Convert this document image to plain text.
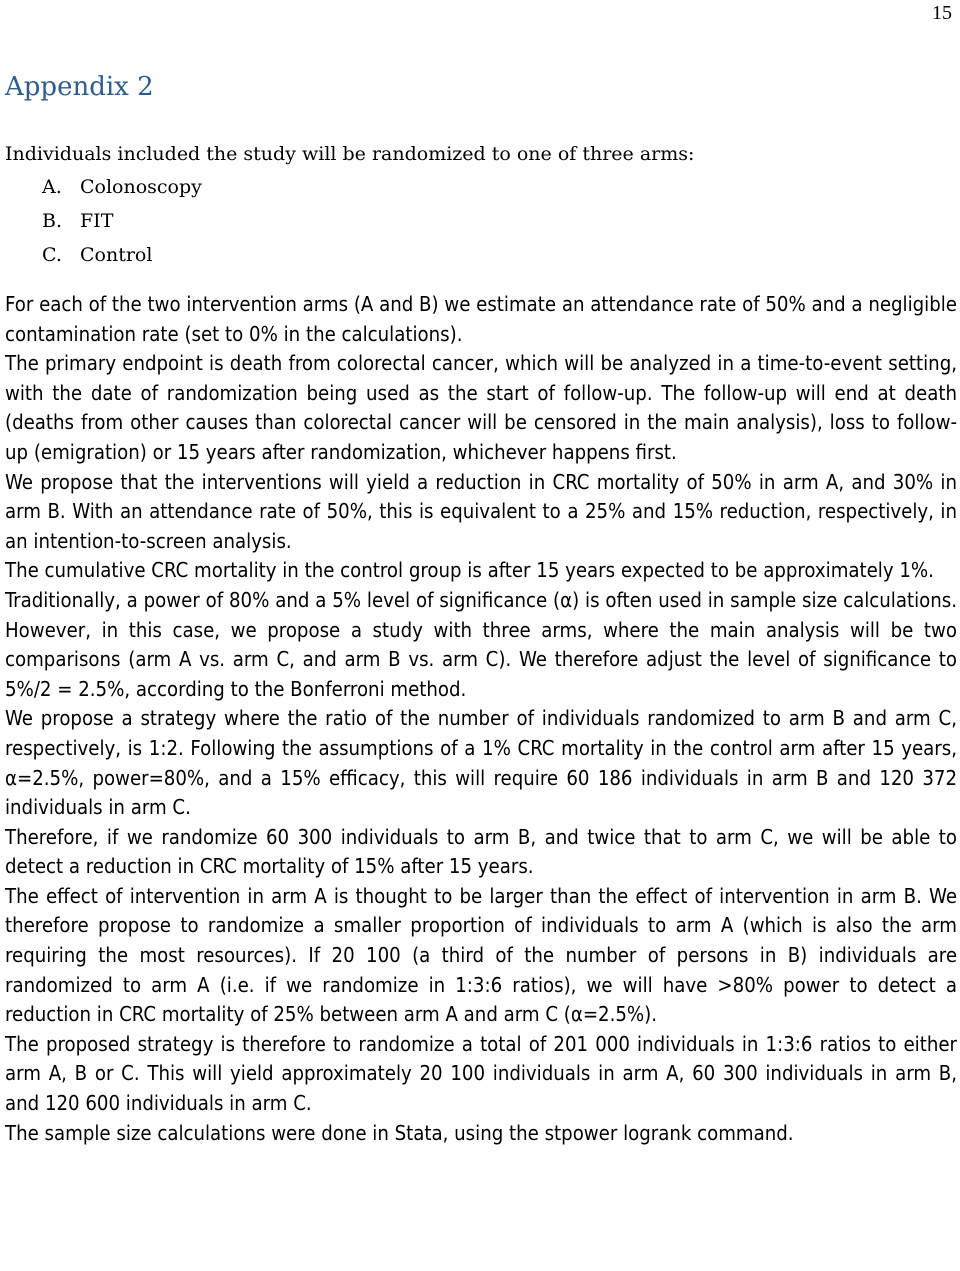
15
Appendix 2

Individuals included the study will be randomized to one of three arms:

A. Colonoscopy
B. FIT
C. Control

For each of the two intervention arms (A and B) we estimate an attendance rate of 50% and a negligible contamination rate (set to 0% in the calculations).

The primary endpoint is death from colorectal cancer, which will be analyzed in a time-to-event setting, with the date of randomization being used as the start of follow-up. The follow-up will end at death (deaths from other causes than colorectal cancer will be censored in the main analysis), loss to follow-up (emigration) or 15 years after randomization, whichever happens first.

We propose that the interventions will yield a reduction in CRC mortality of 50% in arm A, and 30% in arm B. With an attendance rate of 50%, this is equivalent to a 25% and 15% reduction, respectively, in an intention-to-screen analysis.

The cumulative CRC mortality in the control group is after 15 years expected to be approximately 1%.

Traditionally, a power of 80% and a 5% level of significance (α) is often used in sample size calculations. However, in this case, we propose a study with three arms, where the main analysis will be two comparisons (arm A vs. arm C, and arm B vs. arm C). We therefore adjust the level of significance to 5%/2 = 2.5%, according to the Bonferroni method.

We propose a strategy where the ratio of the number of individuals randomized to arm B and arm C, respectively, is 1:2. Following the assumptions of a 1% CRC mortality in the control arm after 15 years, α=2.5%, power=80%, and a 15% efficacy, this will require 60 186 individuals in arm B and 120 372 individuals in arm C.

Therefore, if we randomize 60 300 individuals to arm B, and twice that to arm C, we will be able to detect a reduction in CRC mortality of 15% after 15 years.

The effect of intervention in arm A is thought to be larger than the effect of intervention in arm B. We therefore propose to randomize a smaller proportion of individuals to arm A (which is also the arm requiring the most resources). If 20 100 (a third of the number of persons in B) individuals are randomized to arm A (i.e. if we randomize in 1:3:6 ratios), we will have >80% power to detect a reduction in CRC mortality of 25% between arm A and arm C (α=2.5%).

The proposed strategy is therefore to randomize a total of 201 000 individuals in 1:3:6 ratios to either arm A, B or C. This will yield approximately 20 100 individuals in arm A, 60 300 individuals in arm B, and 120 600 individuals in arm C.

The sample size calculations were done in Stata, using the stpower logrank command.
